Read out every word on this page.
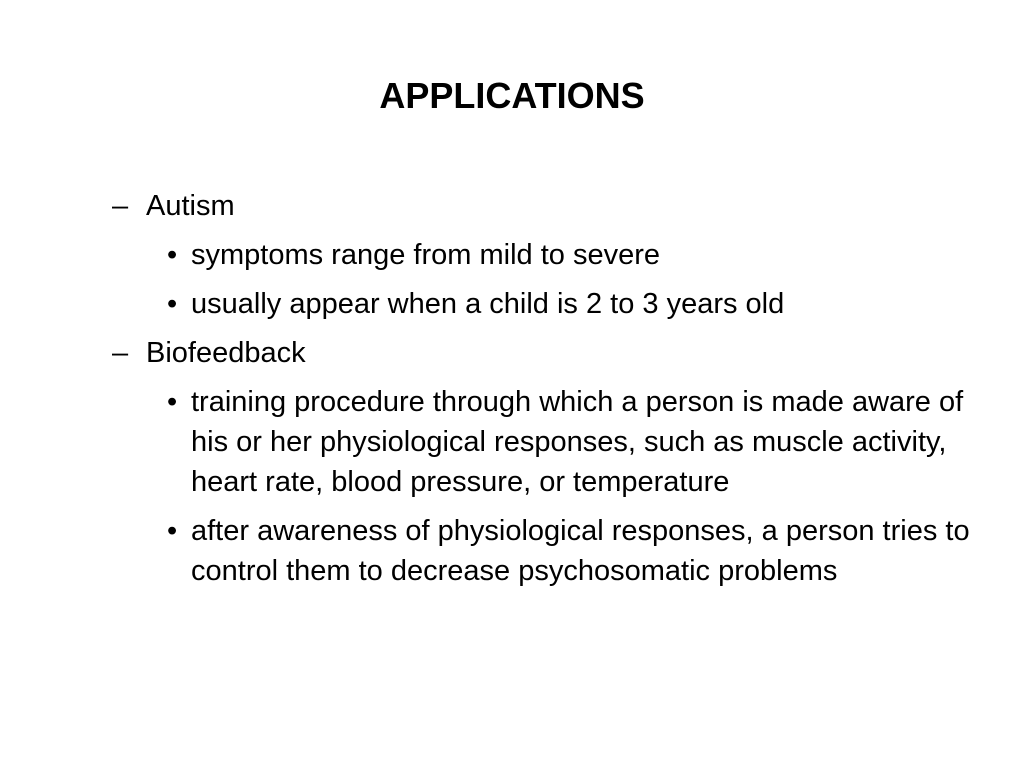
APPLICATIONS
– Autism
• symptoms range from mild to severe
• usually appear when a child is 2 to 3 years old
– Biofeedback
• training procedure through which a person is made aware of his or her physiological responses, such as muscle activity, heart rate, blood pressure, or temperature
• after awareness of physiological responses, a person tries to control them to decrease psychosomatic problems
